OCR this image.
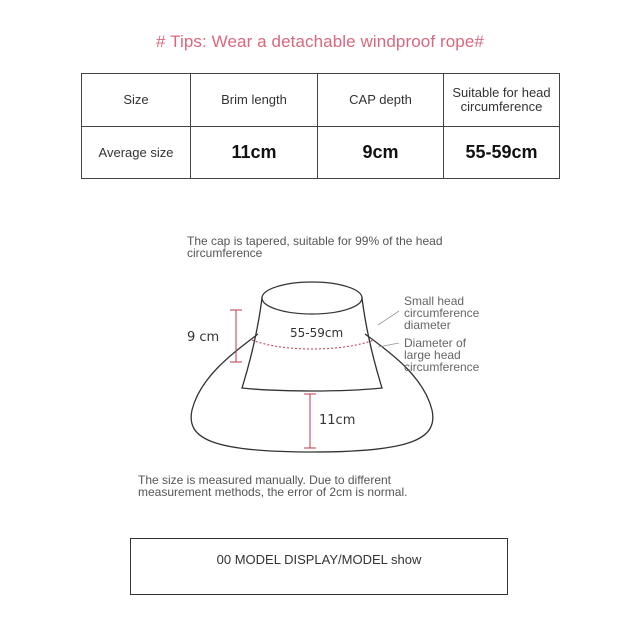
# Tips: Wear a detachable windproof rope#
Size	Brim length	CAP depth	Suitable for head circumference
Average size	11cm	9cm	55-59cm
The cap is tapered, suitable for 99% of the head circumference
9 cm	55-59cm
11cm
Small head circumference diameter
Diameter of large head circumference
The size is measured manually. Due to different measurement methods, the error of 2cm is normal.
00 MODEL DISPLAY/MODEL show
